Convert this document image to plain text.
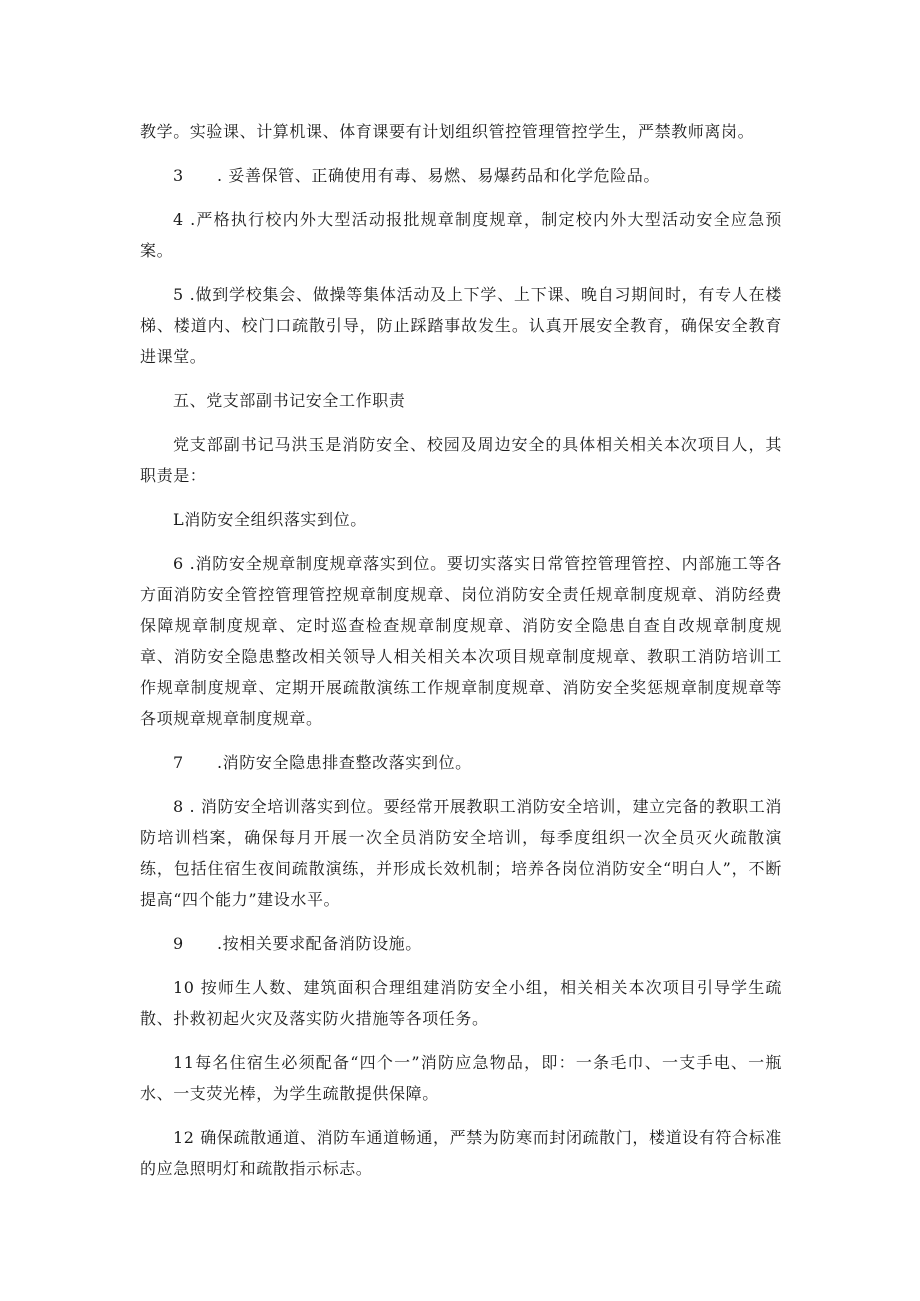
教学。实验课、计算机课、体育课要有计划组织管控管理管控学生，严禁教师离岗。

3　　. 妥善保管、正确使用有毒、易燃、易爆药品和化学危险品。

4 .严格执行校内外大型活动报批规章制度规章，制定校内外大型活动安全应急预案。

5 .做到学校集会、做操等集体活动及上下学、上下课、晚自习期间时，有专人在楼梯、楼道内、校门口疏散引导，防止踩踏事故发生。认真开展安全教育，确保安全教育进课堂。

五、党支部副书记安全工作职责

党支部副书记马洪玉是消防安全、校园及周边安全的具体相关相关本次项目人，其职责是：

L消防安全组织落实到位。

6 .消防安全规章制度规章落实到位。要切实落实日常管控管理管控、内部施工等各方面消防安全管控管理管控规章制度规章、岗位消防安全责任规章制度规章、消防经费保障规章制度规章、定时巡查检查规章制度规章、消防安全隐患自查自改规章制度规章、消防安全隐患整改相关领导人相关相关本次项目规章制度规章、教职工消防培训工作规章制度规章、定期开展疏散演练工作规章制度规章、消防安全奖惩规章制度规章等各项规章规章制度规章。

7　　.消防安全隐患排查整改落实到位。

8 . 消防安全培训落实到位。要经常开展教职工消防安全培训，建立完备的教职工消防培训档案，确保每月开展一次全员消防安全培训，每季度组织一次全员灭火疏散演练，包括住宿生夜间疏散演练，并形成长效机制；培养各岗位消防安全“明白人”，不断提高“四个能力”建设水平。

9　　.按相关要求配备消防设施。

10 按师生人数、建筑面积合理组建消防安全小组，相关相关本次项目引导学生疏散、扑救初起火灾及落实防火措施等各项任务。

11每名住宿生必须配备“四个一”消防应急物品，即：一条毛巾、一支手电、一瓶水、一支荧光棒，为学生疏散提供保障。

12 确保疏散通道、消防车通道畅通，严禁为防寒而封闭疏散门，楼道设有符合标准的应急照明灯和疏散指示标志。
